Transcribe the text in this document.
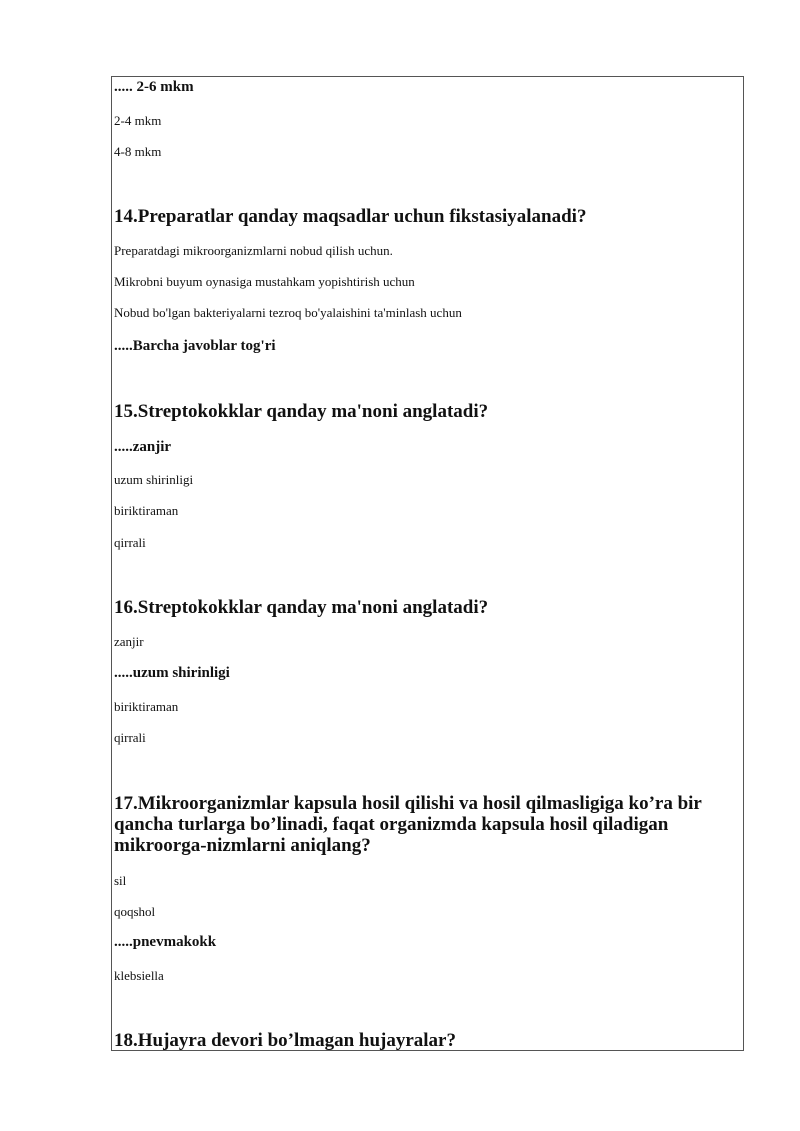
..... 2-6 mkm
2-4 mkm
4-8 mkm
14.Preparatlar qanday maqsadlar uchun fikstasiyalanadi?
Preparatdagi mikroorganizmlarni nobud qilish uchun.
Mikrobni buyum oynasiga mustahkam yopishtirish uchun
Nobud bo'lgan bakteriyalarni tezroq bo'yalaishini ta'minlash uchun
.....Barcha javoblar tog'ri
15.Streptokokklar qanday ma'noni anglatadi?
.....zanjir
uzum shirinligi
biriktiraman
qirrali
16.Streptokokklar qanday ma'noni anglatadi?
zanjir
.....uzum shirinligi
biriktiraman
qirrali
17.Mikroorganizmlar kapsula hosil qilishi va hosil qilmasligiga ko’ra bir qancha turlarga bo’linadi, faqat organizmda kapsula hosil qiladigan mikroorga-nizmlarni aniqlang?
sil
qoqshol
.....pnevmakokk
klebsiella
18.Hujayra devori bo’lmagan hujayralar?
